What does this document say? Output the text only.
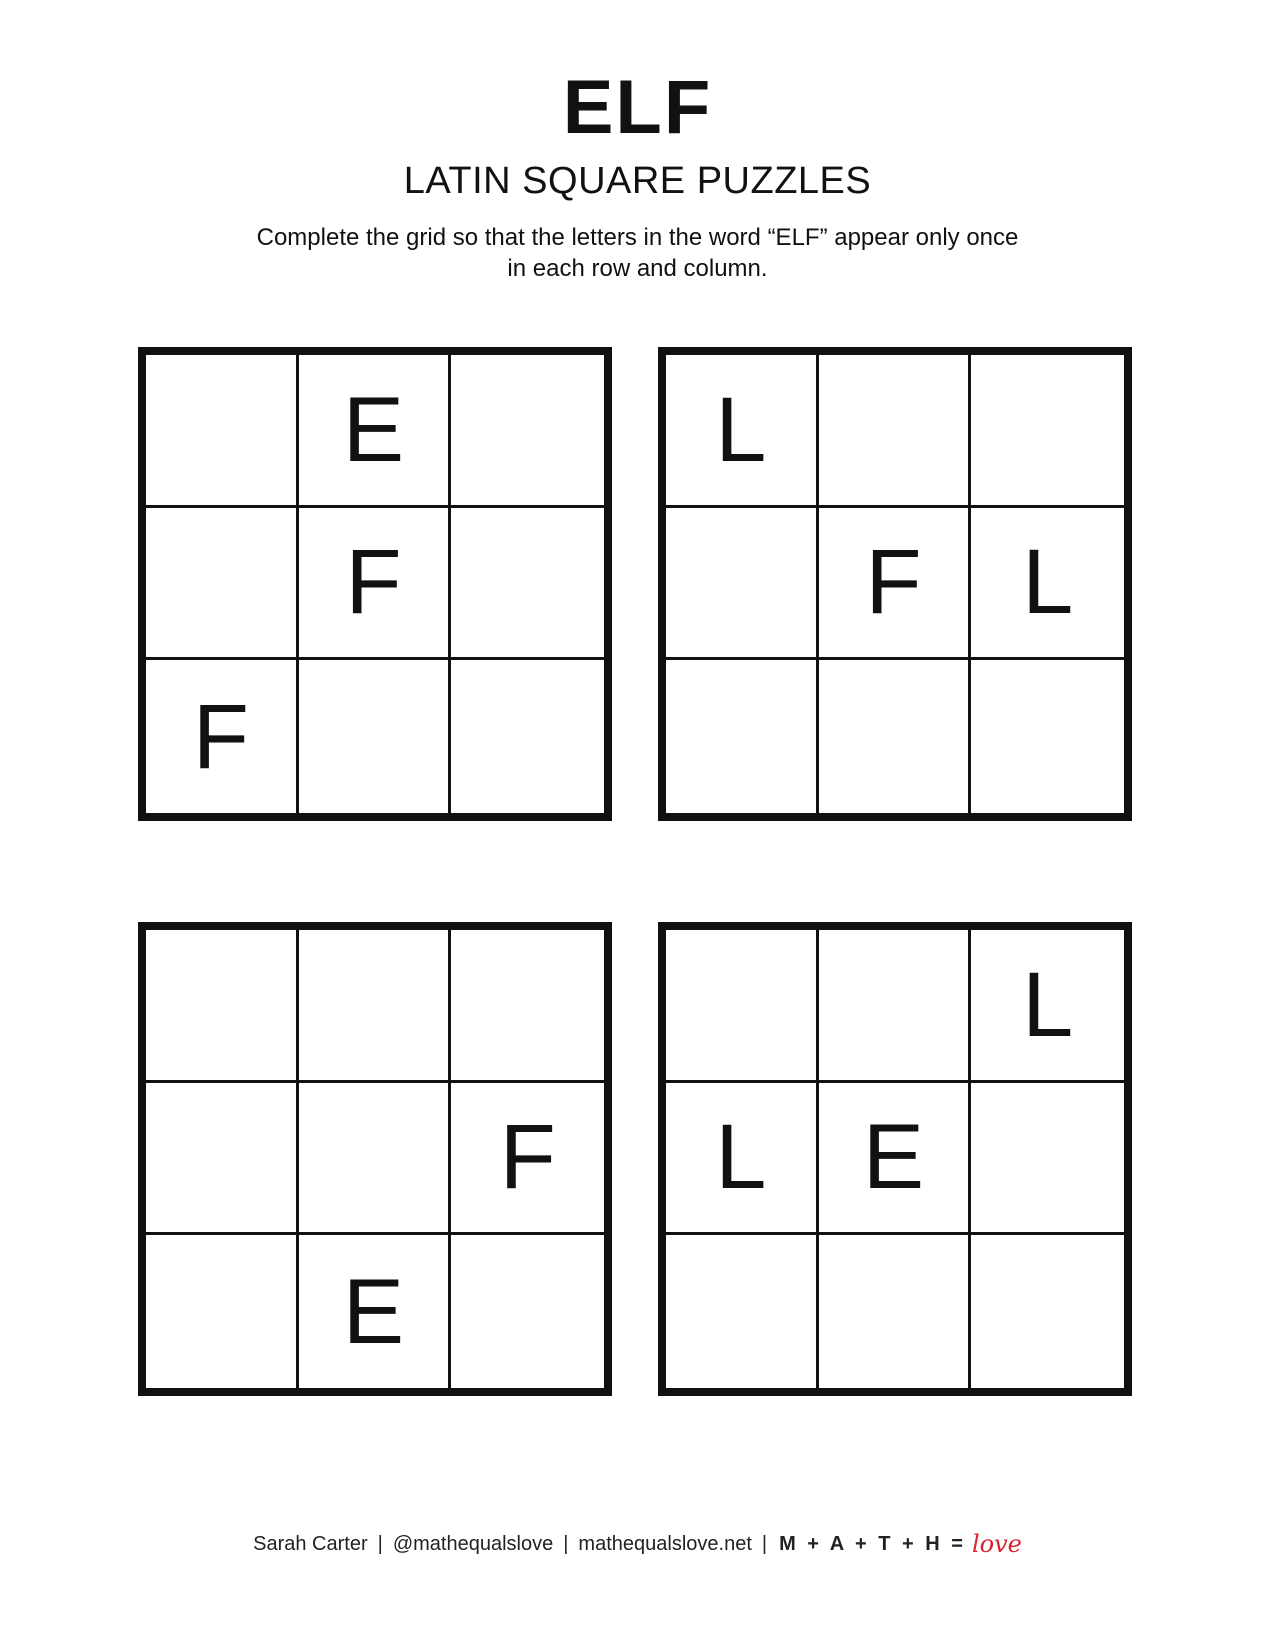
ELF
LATIN SQUARE PUZZLES
Complete the grid so that the letters in the word “ELF” appear only once
in each row and column.
E
F
F
L
F	L
F
E
L
L	E
Sarah Carter | @mathequalslove | mathequalslove.net | M + A + T + H = love
